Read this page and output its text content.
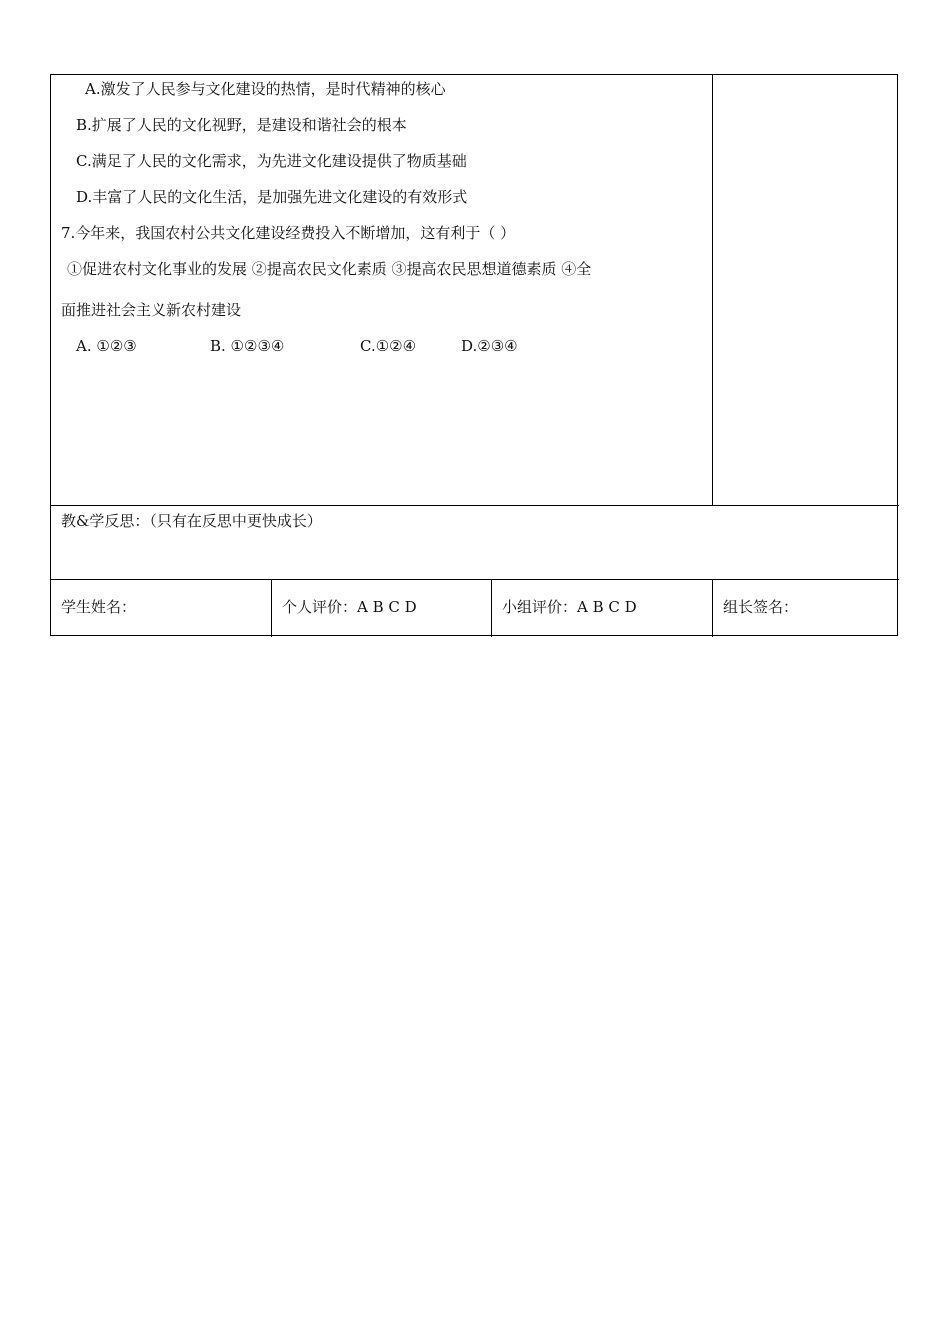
A.激发了人民参与文化建设的热情，是时代精神的核心
B.扩展了人民的文化视野，是建设和谐社会的根本
C.满足了人民的文化需求，为先进文化建设提供了物质基础
D.丰富了人民的文化生活，是加强先进文化建设的有效形式
7.今年来，我国农村公共文化建设经费投入不断增加，这有利于（ ）
①促进农村文化事业的发展 ②提高农民文化素质 ③提高农民思想道德素质 ④全
面推进社会主义新农村建设
A. ①②③	B. ①②③④	C.①②④	D.②③④
教&学反思：（只有在反思中更快成长）
学生姓名：	个人评价：A B C D	小组评价：A B C D	组长签名：
